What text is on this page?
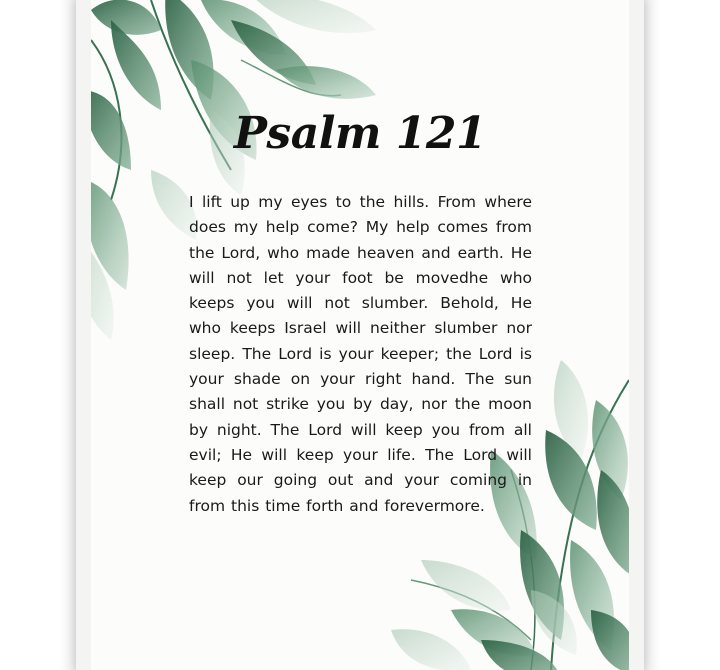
Psalm 121

I lift up my eyes to the hills. From where does my help come? My help comes from the Lord, who made heaven and earth. He will not let your foot be movedhe who keeps you will not slumber. Behold, He who keeps Israel will neither slumber nor sleep. The Lord is your keeper; the Lord is your shade on your right hand. The sun shall not strike you by day, nor the moon by night. The Lord will keep you from all evil; He will keep your life. The Lord will keep our going out and your coming in from this time forth and forevermore.
